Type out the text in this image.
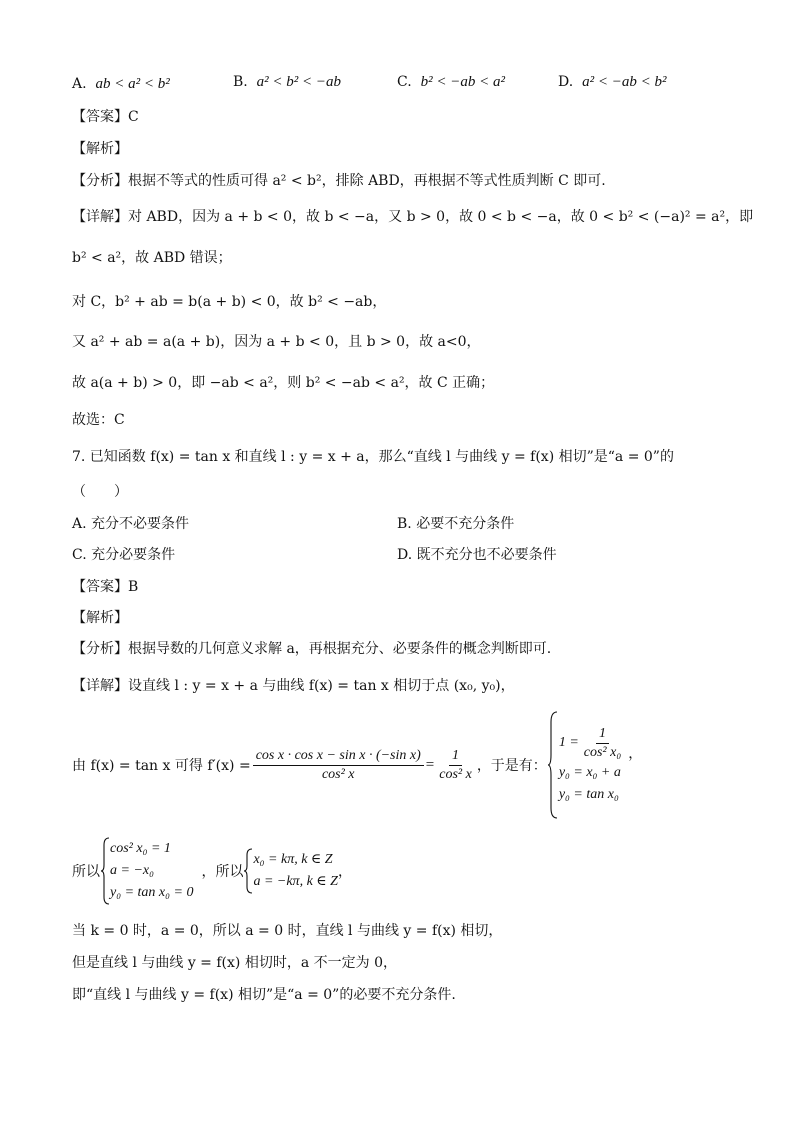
A. ab < a² < b²	B. a² < b² < −ab	C. b² < −ab < a²	D. a² < −ab < b²
【答案】C
【解析】
【分析】根据不等式的性质可得 a² < b²，排除 ABD，再根据不等式性质判断 C 即可.
【详解】对 ABD，因为 a + b < 0，故 b < −a，又 b > 0，故 0 < b < −a，故 0 < b² < (−a)² = a²，即
b² < a²，故 ABD 错误；
对 C，b² + ab = b(a + b) < 0，故 b² < −ab，
又 a² + ab = a(a + b)，因为 a + b < 0，且 b > 0，故 a<0，
故 a(a + b) > 0，即 −ab < a²，则 b² < −ab < a²，故 C 正确；
故选：C
7. 已知函数 f(x) = tan x 和直线 l : y = x + a，那么“直线 l 与曲线 y = f(x) 相切”是“a = 0”的
（　　）
A. 充分不必要条件	B. 必要不充分条件
C. 充分必要条件	D. 既不充分也不必要条件
【答案】B
【解析】
【分析】根据导数的几何意义求解 a，再根据充分、必要条件的概念判断即可.
【详解】设直线 l : y = x + a 与曲线 f(x) = tan x 相切于点 (x₀, y₀)，
由 f(x) = tan x 可得 $f'(x) = \frac{\text{cos x · cos x − sin x · (−sin x)}}{\text{cos² x}} = \frac{1}{\text{cos² x}}$ ，于是有：
$1 = \frac{1}{\text{cos² x₀}}$
y₀ = x₀ + a
y₀ = tan x₀
，
所以
cos² x₀ = 1
a = −x₀
y₀ = tan x₀ = 0
，所以
x₀ = kπ, k ∈ Z
a = −kπ, k ∈ Z
，
当 k = 0 时，a = 0，所以 a = 0 时，直线 l 与曲线 y = f(x) 相切，
但是直线 l 与曲线 y = f(x) 相切时，a 不一定为 0，
即“直线 l 与曲线 y = f(x) 相切”是“a = 0”的必要不充分条件.
